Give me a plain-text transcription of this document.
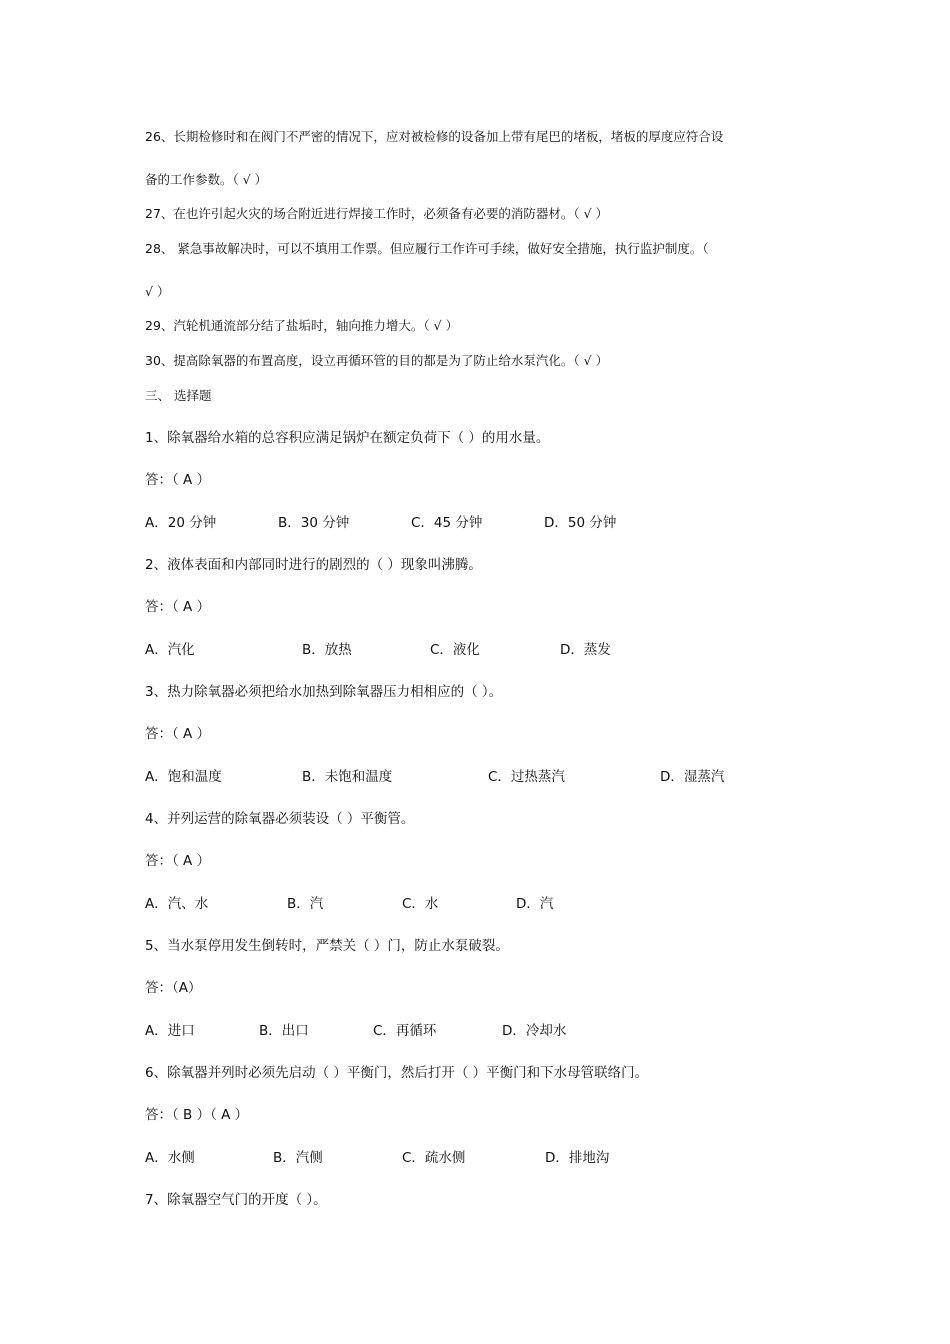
26、长期检修时和在阀门不严密的情况下，应对被检修的设备加上带有尾巴的堵板，堵板的厚度应符合设
备的工作参数。（ √ ）
27、在也许引起火灾的场合附近进行焊接工作时，必须备有必要的消防器材。（ √ ）
28、 紧急事故解决时，可以不填用工作票。但应履行工作许可手续，做好安全措施，执行监护制度。（
√ ）
29、汽轮机通流部分结了盐垢时，轴向推力增大。（ √ ）
30、提高除氧器的布置高度，设立再循环管的目的都是为了防止给水泵汽化。（ √ ）
三、 选择题
1、除氧器给水箱的总容积应满足锅炉在额定负荷下（ ）的用水量。
答：（ A ）
A．20 分钟	B．30 分钟	C．45 分钟	D．50 分钟
2、液体表面和内部同时进行的剧烈的（ ）现象叫沸腾。
答：（ A ）
A．汽化	B．放热	C．液化	D．蒸发
3、热力除氧器必须把给水加热到除氧器压力相相应的（ ）。
答：（ A ）
A．饱和温度	B．未饱和温度	C．过热蒸汽	D．湿蒸汽
4、并列运营的除氧器必须装设（ ）平衡管。
答：（ A ）
A．汽、水	B．汽	C．水	D．汽
5、当水泵停用发生倒转时，严禁关（ ）门，防止水泵破裂。
答：（A）
A．进口	B．出口	C．再循环	D．冷却水
6、除氧器并列时必须先启动（ ）平衡门，然后打开（ ）平衡门和下水母管联络门。
答：（ B ）（ A ）
A．水侧	B．汽侧	C．疏水侧	D．排地沟
7、除氧器空气门的开度（ ）。
